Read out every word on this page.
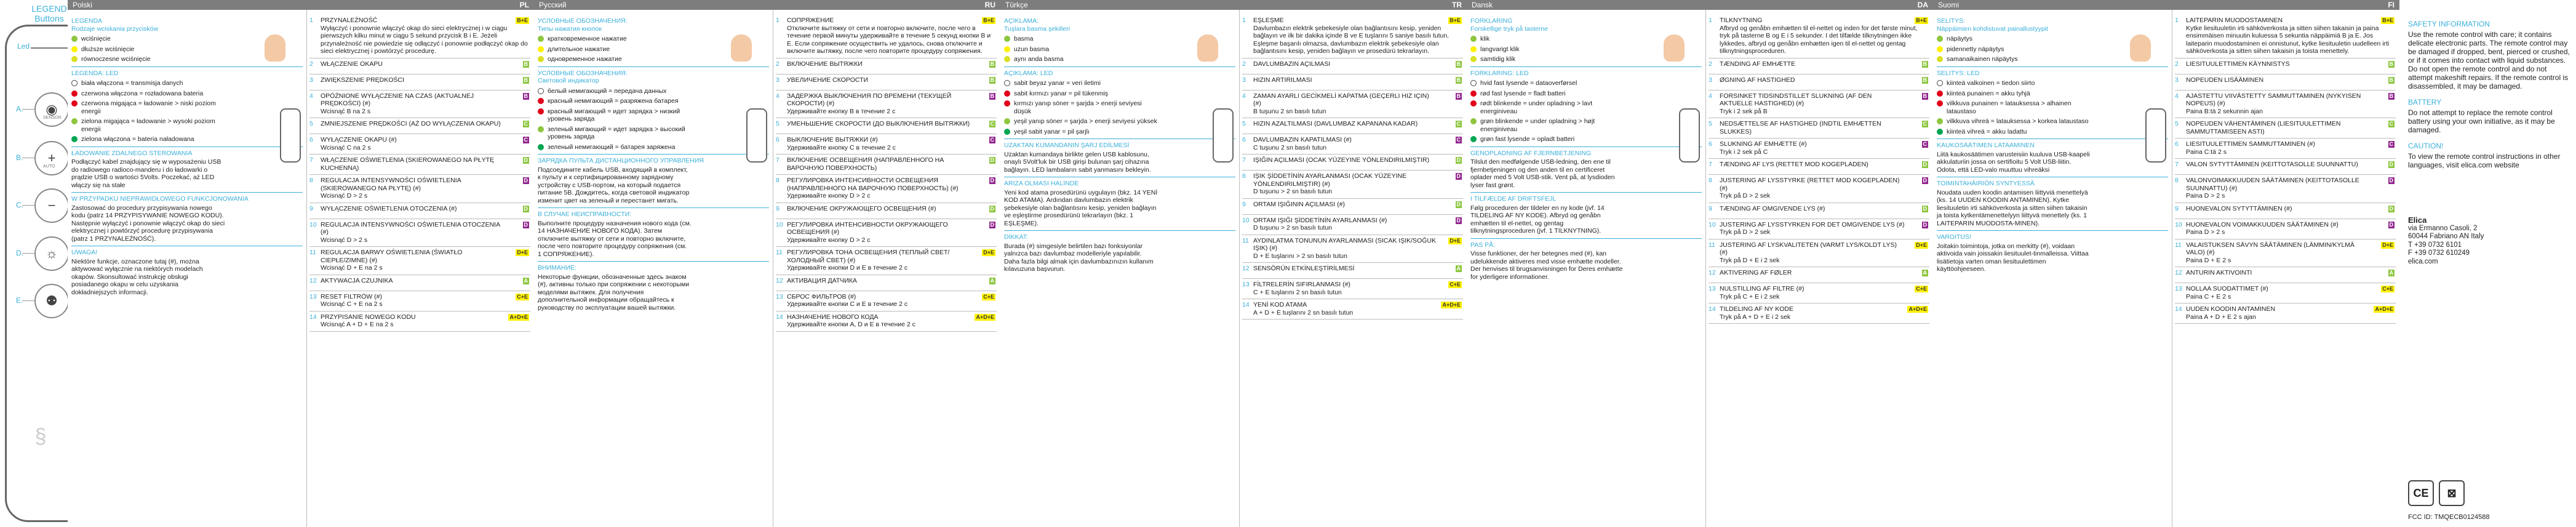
LEGEND
Buttons
Led
A. ◉
SENSOR
B. +
AUTO
C. −
D. ☼
E. ⚉
§
Polski	PL
LEGENDA
Rodzaje wciskania przycisków
wciśnięcie
dłuższe wciśnięcie
równoczesne wciśnięcie
LEGENDA: LED
biała włączona = transmisja danych
czerwona włączona = rozładowana bateria
czerwona migająca = ładowanie > niski poziom energii
zielona migająca = ładowanie > wysoki poziom energii
zielona włączona = bateria naładowana
ŁADOWANIE ZDALNEGO STEROWANIA
Podłączyć kabel znajdujący się w wyposażeniu USB do radiowego radioco-manderu i do ładowarki o prądzie USB o wartości 5Volts. Poczekać, aż LED włączy się na stałe
W PRZYPADKU NIEPRAWIDŁOWEGO FUNKCJONOWANIA
Zastosować do procedury przypisywania nowego kodu (patrz 14 PRZYPISYWANIE NOWEGO KODU). Następnie wyłączyć i ponownie włączyć okap do sieci elektrycznej i powtórzyć procedurę przypisywania (patrz 1 PRZYNALEŻNOŚĆ).
UWAGA!
Niektóre funkcje, oznaczone tutaj (#), można aktywować wyłącznie na niektórych modelach okapów. Skonsultować instrukcję obsługi posiadanego okapu w celu uzyskania dokładniejszych informacji.
1 PRZYNALEŻNOŚĆ
Wyłączyć i ponownie włączyć okap do sieci elektrycznej i w ciągu pierwszych kilku minut w ciągu 5 sekund przycisk B i E. Jeżeli przynależność nie powiedzie się odłączyć i ponownie podłączyć okap do sieci elektrycznej i powtórzyć procedurę.
B+E
2 WŁĄCZENIE OKAPU	B
3 ZWIĘKSZENIE PRĘDKOŚCI	B
4 OPÓŹNIONE WYŁĄCZENIE NA CZAS (AKTUALNEJ PRĘDKOŚCI) (#)
Wcisnąć B na 2 s
B
5 ZMNIEJSZENIE PRĘDKOŚCI (AŻ DO WYŁĄCZENIA OKAPU)	C
6 WYŁĄCZENIE OKAPU (#)
Wcisnąć C na 2 s
C
7 WŁĄCZENIE OŚWIETLENIA (SKIEROWANEGO NA PŁYTĘ KUCHENNĄ)
D
8 REGULACJA INTENSYWNOŚCI OŚWIETLENIA (SKIEROWANEGO NA PŁYTĘ) (#)
Wcisnąć D > 2 s
D
9 WYŁĄCZENIE OŚWIETLENIA OTOCZENIA (#)	D
10 REGULACJA INTENSYWNOŚCI OŚWIETLENIA OTOCZENIA (#)
Wcisnąć D > 2 s
D
11 REGULACJA BARWY OŚWIETLENIA (ŚWIATŁO CIEPŁE/ZIMNE) (#)
Wcisnąć D + E na 2 s
D+E
12 AKTYWACJA CZUJNIKA	A
13 RESET FILTRÓW (#)
Wcisnąć C + E na 2 s
C+E
14 PRZYPISANIE NOWEGO KODU
Wcisnąć A + D + E na 2 s
A+D+E
Русский	RU
УСЛОВНЫЕ ОБОЗНАЧЕНИЯ:
Типы нажатия кнопок
кратковременное нажатие
длительное нажатие
одновременное нажатие
УСЛОВНЫЕ ОБОЗНАЧЕНИЯ:
Световой индикатор
белый немигающий = передача данных
красный немигающий = разряжена батарея
красный мигающий = идет зарядка > низкий уровень заряда
зеленый мигающий = идет зарядка > высокий уровень заряда
зеленый немигающий = батарея заряжена
ЗАРЯДКА ПУЛЬТА ДИСТАНЦИОННОГО УПРАВЛЕНИЯ
Подсоедините кабель USB, входящий в комплект, к пульту и к сертифицированному зарядному устройству с USB-портом, на который подается питание 5В. Дождитесь, когда световой индикатор изменит цвет на зеленый и перестанет мигать.
В СЛУЧАЕ НЕИСПРАВНОСТИ:
Выполните процедуру назначения нового кода (см. 14 НАЗНАЧЕНИЕ НОВОГО КОДА). Затем отключите вытяжку от сети и повторно включите, после чего повторите процедуру сопряжения (см. 1 СОПРЯЖЕНИЕ).
ВНИМАНИЕ:
Некоторые функции, обозначенные здесь знаком (#), активны только при сопряжении с некоторыми моделями вытяжек. Для получения дополнительной информации обращайтесь к руководству по эксплуатации вашей вытяжки.
1 СОПРЯЖЕНИЕ
Отключите вытяжку от сети и повторно включите, после чего в течение первой минуты удерживайте в течение 5 секунд кнопки B и E. Если сопряжение осуществить не удалось, снова отключите и включите вытяжку, после чего повторите процедуру сопряжения.
B+E
2 ВКЛЮЧЕНИЕ ВЫТЯЖКИ	B
3 УВЕЛИЧЕНИЕ СКОРОСТИ	B
4 ЗАДЕРЖКА ВЫКЛЮЧЕНИЯ ПО ВРЕМЕНИ (ТЕКУЩЕЙ СКОРОСТИ) (#)
Удерживайте кнопку B в течение 2 с
B
5 УМЕНЬШЕНИЕ СКОРОСТИ (ДО ВЫКЛЮЧЕНИЯ ВЫТЯЖКИ)	C
6 ВЫКЛЮЧЕНИЕ ВЫТЯЖКИ (#)
Удерживайте кнопку C в течение 2 с
C
7 ВКЛЮЧЕНИЕ ОСВЕЩЕНИЯ (НАПРАВЛЕННОГО НА ВАРОЧНУЮ ПОВЕРХНОСТЬ)
D
8 РЕГУЛИРОВКА ИНТЕНСИВНОСТИ ОСВЕЩЕНИЯ (НАПРАВЛЕННОГО НА ВАРОЧНУЮ ПОВЕРХНОСТЬ) (#)
Удерживайте кнопку D > 2 с
D
9 ВКЛЮЧЕНИЕ ОКРУЖАЮЩЕГО ОСВЕЩЕНИЯ (#)	D
10 РЕГУЛИРОВКА ИНТЕНСИВНОСТИ ОКРУЖАЮЩЕГО ОСВЕЩЕНИЯ (#)
Удерживайте кнопку D > 2 с
D
11 РЕГУЛИРОВКА ТОНА ОСВЕЩЕНИЯ (ТЕПЛЫЙ СВЕТ/ХОЛОДНЫЙ СВЕТ) (#)
Удерживайте кнопки D и E в течение 2 с
D+E
12 АКТИВАЦИЯ ДАТЧИКА	A
13 СБРОС ФИЛЬТРОВ (#)
Удерживайте кнопки C и E в течение 2 с
C+E
14 НАЗНАЧЕНИЕ НОВОГО КОДА
Удерживайте кнопки A, D и E в течение 2 с
A+D+E
Türkçe	TR
AÇIKLAMA:
Tuşlara basma şekilleri
basma
uzun basma
aynı anda basma
AÇIKLAMA: LED
sabit beyaz yanar = veri iletimi
sabit kırmızı yanar = pil tükenmiş
kırmızı yanıp söner = şarjda > enerji seviyesi düşük
yeşil yanıp söner = şarjda > enerji seviyesi yüksek
yeşil sabit yanar = pil şarjlı
UZAKTAN KUMANDANIN ŞARJ EDİLMESİ
Uzaktan kumandaya birlikte gelen USB kablosunu, onaylı 5Volt'luk bir USB girişi bulunan şarj cihazına bağlayın. LED lambaların sabit yanmasını bekleyin.
ARIZA OLMASI HALİNDE
Yeni kod atama prosedürünü uygulayın (bkz. 14 YENİ KOD ATAMA). Ardından davlumbazın elektrik şebekesiyle olan bağlantısını kesip, yeniden bağlayın ve eşleştirme prosedürünü tekrarlayın (bkz. 1 EŞLEŞME).
DİKKAT:
Burada (#) simgesiyle belirtilen bazı fonksiyonlar yalnızca bazı davlumbaz modelleriyle yapılabilir. Daha fazla bilgi almak için davlumbazınızın kullanım kılavuzuna başvurun.
1 EŞLEŞME
Davlumbazın elektrik şebekesiyle olan bağlantısını kesip, yeniden bağlayın ve ilk bir dakika içinde B ve E tuşlarını 5 saniye basılı tutun. Eşleşme başarılı olmazsa, davlumbazın elektrik şebekesiyle olan bağlantısını kesip, yeniden bağlayın ve prosedürü tekrarlayın.
B+E
2 DAVLUMBAZIN AÇILMASI	B
3 HIZIN ARTIRILMASI	B
4 ZAMAN AYARLI GECİKMELİ KAPATMA (GEÇERLI HIZ IÇIN) (#)
B tuşunu 2 sn basılı tutun
B
5 HIZIN AZALTILMASI (DAVLUMBAZ KAPANANA KADAR)	C
6 DAVLUMBAZIN KAPATILMASI (#)
C tuşunu 2 sn basılı tutun
C
7 IŞIĞIN AÇILMASI (OCAK YÜZEYINE YÖNLENDIRILMIŞTIR)	D
8 IŞIK ŞİDDETİNİN AYARLANMASI (OCAK YÜZEYINE YÖNLENDIRILMIŞTIR) (#)
D tuşunu > 2 sn basılı tutun
D
9 ORTAM IŞIĞININ AÇILMASI (#)	D
10 ORTAM IŞIĞI ŞİDDETİNİN AYARLANMASI (#)
D tuşunu > 2 sn basılı tutun
D
11 AYDINLATMA TONUNUN AYARLANMASI (SICAK IŞIK/SOĞUK IŞIK) (#)
D + E tuşlarını > 2 sn basılı tutun
D+E
12 SENSÖRÜN ETKİNLEŞTİRİLMESİ	A
13 FİLTRELERİN SIFIRLANMASI (#)
C + E tuşlarını 2 sn basılı tutun
C+E
14 YENİ KOD ATAMA
A + D + E tuşlarını 2 sn basılı tutun
A+D+E
Dansk	DA
FORKLARING
Forskellige tryk på tasterne
klik
langvarigt klik
samtidig klik
FORKLARING: LED
hvid fast lysende = dataoverførsel
rød fast lysende = fladt batteri
rødt blinkende = under opladning > lavt energiniveau
grøn blinkende = under opladning > højt energiniveau
grøn fast lysende = opladt batteri
GENOPLADNING AF FJERNBETJENING
Tilslut den medfølgende USB-ledning, den ene til fjernbetjeningen og den anden til en certificeret oplader med 5 Volt USB-stik. Vent på, at lysdioden lyser fast grønt.
I TILFÆLDE AF DRIFTSFEJL
Følg proceduren der tildeler en ny kode (jvf. 14 TILDELING AF NY KODE). Afbryd og genåbn emhætten til el-nettet, og gentag tilknytningsproceduren (jvf. 1 TILKNYTNING).
PAS PÅ:
Visse funktioner, der her betegnes med (#), kan udelukkende aktiveres med visse emhætte modeller. Der henvises til brugsanvisningen for Deres emhætte for yderligere informationer.
1 TILKNYTNING
Afbryd og genåbn emhætten til el-nettet og inden for det første minut, tryk på tasterne B og E i 5 sekunder. I det tilfælde tilknytningen ikke lykkedes, afbryd og genåbn emhætten igen til el-nettet og gentag tilknytningsproceduren.
B+E
2 TÆNDING AF EMHÆTTE	B
3 ØGNING AF HASTIGHED	B
4 FORSINKET TIDSINDSTILLET SLUKNING (AF DEN AKTUELLE HASTIGHED) (#)
Tryk i 2 sek på B
B
5 NEDSÆTTELSE AF HASTIGHED (INDTIL EMHÆTTEN SLUKKES)
C
6 SLUKNING AF EMHÆTTE (#)
Tryk i 2 sek på C
C
7 TÆNDING AF LYS (RETTET MOD KOGEPLADEN)	D
8 JUSTERING AF LYSSTYRKE (RETTET MOD KOGEPLADEN) (#)
Tryk på D > 2 sek
D
9 TÆNDING AF OMGIVENDE LYS (#)	D
10 JUSTERING AF LYSSTYRKEN FOR DET OMGIVENDE LYS (#)
Tryk på D > 2 sek
D
11 JUSTERING AF LYSKVALITETEN (VARMT LYS/KOLDT LYS) (#)
Tryk på D + E i 2 sek
D+E
12 AKTIVERING AF FØLER	A
13 NULSTILLING AF FILTRE (#)
Tryk på C + E i 2 sek
C+E
14 TILDELING AF NY KODE
Tryk på A + D + E i 2 sek
A+D+E
Suomi	FI
SELITYS:
Näppäimien kohdistuvat painallustyypit
näpäytys
pidennetty näpäytys
samanaikainen näpäytys
SELITYS: LED
kiinteä valkoinen = tiedon siirto
kiinteä punainen = akku tyhjä
vilkkuva punainen = latauksessa > alhainen lataustaso
vilkkuva vihreä = latauksessa > korkea lataustaso
kiinteä vihreä = akku ladattu
KAUKOSÄÄTIMEN LATAAMINEN
Liitä kaukosäätimen varusteisiin kuuluva USB-kaapeli akkulaturiin jossa on sertifioitu 5 Volt USB-liitin. Odota, että LED-valo muuttuu vihreäksi
TOIMINTAHÄIRIÖN SYNTYESSÄ
Noudata uuden koodin antamisen liittyviä menettelyä (ks. 14 UUDEN KOODIN ANTAMINEN). Kytke liesituuletin irti sähköverkosta ja sitten siihen takaisin ja toista kytkentämenettelyyn liittyvä menettely (ks. 1 LAITEPARIN MUODOSTA-MINEN).
VAROITUS!
Joitakin toimintoja, jotka on merkitty (#), voidaan aktivoida vain joissakin liesituulet-tinmalleissa. Viittaa lisätietoja varten oman liesituulettimen käyttöohjeeseen.
1 LAITEPARIN MUODOSTAMINEN
Kytke liesituuletin irti sähköverkosta ja sitten siihen takaisin ja paina ensimmäisen minuutin kuluessa 5 sekuntia näppäimiä B ja E. Jos laiteparin muodostaminen ei onnistunut, kytke liesituuletin uudelleen irti sähköverkosta ja sitten siihen takaisin ja toista menettely.
B+E
2 LIESITUULETTIMEN KÄYNNISTYS	B
3 NOPEUDEN LISÄÄMINEN	B
4 AJASTETTU VIIVÄSTETTY SAMMUTTAMINEN (NYKYISEN NOPEUS) (#)
Paina B:tä 2 sekunnin ajan
B
5 NOPEUDEN VÄHENTÄMINEN (LIESITUULETTIMEN SAMMUTTAMISEEN ASTI)
C
6 LIESITUULETTIMEN SAMMUTTAMINEN (#)
Paina C:tä 2 s
C
7 VALON SYTYTTÄMINEN (KEITTOTASOLLE SUUNNATTU)	D
8 VALONVOIMAKKUUDEN SÄÄTÄMINEN (KEITTOTASOLLE SUUNNATTU) (#)
Paina D > 2 s
D
9 HUONEVALON SYTYTTÄMINEN (#)	D
10 HUONEVALON VOIMAKKUUDEN SÄÄTÄMINEN (#)
Paina D > 2 s
D
11 VALAISTUKSEN SÄVYN SÄÄTÄMINEN (LÄMMIN/KYLMÄ VALO) (#)
Paina D + E 2 s
D+E
12 ANTURIN AKTIVOINTI	A
13 NOLLAA SUODATTIMET (#)
Paina C + E 2 s
C+E
14 UUDEN KOODIN ANTAMINEN
Paina A + D + E 2 s ajan
A+D+E
SAFETY INFORMATION
Use the remote control with care; it contains delicate electronic parts. The remote control may be damaged if dropped, bent, pierced or crushed, or if it comes into contact with liquid substances. Do not open the remote control and do not attempt makeshift repairs. If the remote control is disassembled, it may be damaged.
BATTERY
Do not attempt to replace the remote control battery using your own initiative, as it may be damaged.
CAUTION!
To view the remote control instructions in other languages, visit elica.com website
Elica
via Ermanno Casoli, 2
60044 Fabriano AN Italy
T +39 0732 6101
F +39 0732 610249
elica.com
CE	⊠
FCC ID: TMQECB0124588
